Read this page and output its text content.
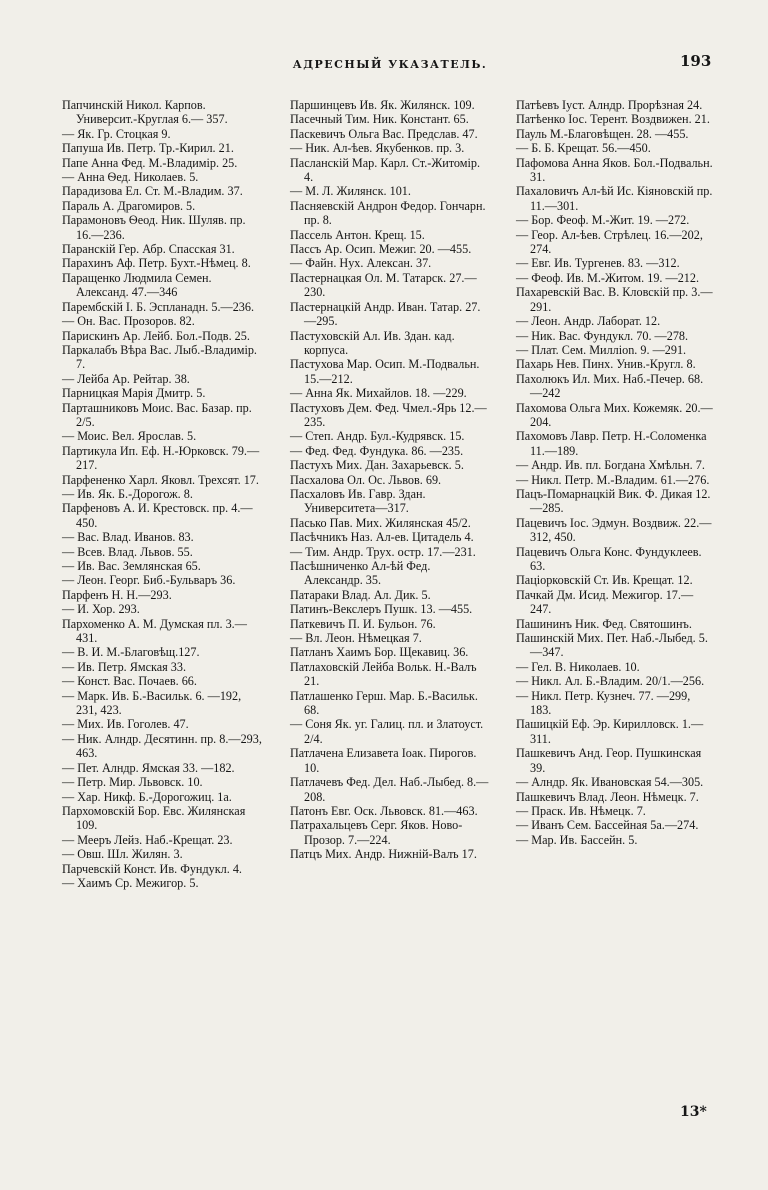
АДРЕСНЫЙ УКАЗАТЕЛЬ.	193

Папчинскій Никол. Карпов. Университ.-Круглая 6.— 357.

— Як. Гр. Стоцкая 9.

Папуша Ив. Петр. Тр.-Кирил. 21.

Папе Анна Фед. М.-Владимір. 25.

— Анна Ѳед. Николаев. 5.

Парадизова Ел. Ст. М.-Владим. 37.

Параль А. Драгомиров. 5.

Парамоновъ Ѳеод. Ник. Шуляв. пр. 16.—236.

Паранскій Гер. Абр. Спасская 31.

Парахинъ Аф. Петр. Бухт.-Нѣмец. 8.

Паращенко Людмила Семен. Александ. 47.—346

Парембскій I. Б. Эспланадн. 5.—236.

— Он. Вас. Прозоров. 82.

Парискинъ Ар. Лейб. Бол.-Подв. 25.

Паркалабъ Вѣра Вас. Лыб.-Владимір. 7.

— Лейба Ар. Рейтар. 38.

Парницкая Марія Дмитр. 5.

Парташниковъ Моис. Вас. Базар. пр. 2/5.

— Моис. Вел. Ярослав. 5.

Партикула Ип. Еф. Н.-Юрковск. 79.—217.

Парфененко Харл. Яковл. Трехсят. 17.

— Ив. Як. Б.-Дорогож. 8.

Парфеновъ А. И. Крестовск. пр. 4.—450.

— Вас. Влад. Иванов. 83.

— Всев. Влад. Львов. 55.

— Ив. Вас. Землянская 65.

— Леон. Георг. Биб.-Бульваръ 36.

Парфенъ Н. Н.—293.

— И. Хор. 293.

Пархоменко А. М. Думская пл. 3.—431.

— В. И. М.-Благовѣщ.127.

— Ив. Петр. Ямская 33.

— Конст. Вас. Почаев. 66.

— Марк. Ив. Б.-Васильк. 6. —192, 231, 423.

— Мих. Ив. Гоголев. 47.

— Ник. Алндр. Десятинн. пр. 8.—293, 463.

— Пет. Алндр. Ямская 33. —182.

— Петр. Мир. Львовск. 10.

— Хар. Никф. Б.-Дорогожиц. 1а.

Пархомовскій Бор. Евс. Жилянская 109.

— Мееръ Лейз. Наб.-Крещат. 23.

— Овш. Шл. Жилян. 3.

Парчевскій Конст. Ив. Фундукл. 4.

— Хаимъ Ср. Межигор. 5.

Паршинцевъ Ив. Як. Жилянск. 109.

Пасечный Тим. Ник. Констант. 65.

Паскевичъ Ольга Вас. Предслав. 47.

— Ник. Ал-ѣев. Якубенков. пр. 3.

Пасланскій Мар. Карл. Ст.-Житомір. 4.

— М. Л. Жилянск. 101.

Пасняевскій Андрон Федор. Гончарн. пр. 8.

Пассель Антон. Крещ. 15.

Пассъ Ар. Осип. Межиг. 20. —455.

— Файн. Нух. Алексан. 37.

Пастернацкая Ол. М. Татарск. 27.—230.

Пастернацкій Андр. Иван. Татар. 27.—295.

Пастуховскій Ал. Ив. Здан. кад. корпуса.

Пастухова Мар. Осип. М.-Подвальн. 15.—212.

— Анна Як. Михайлов. 18. —229.

Пастуховъ Дем. Фед. Чмел.-Ярь 12.—235.

— Степ. Андр. Бул.-Кудрявск. 15.

— Фед. Фед. Фундука. 86. —235.

Пастухъ Мих. Дан. Захарьевск. 5.

Пасхалова Ол. Ос. Львов. 69.

Пасхаловъ Ив. Гавр. Здан. Университета—317.

Пасько Пав. Мих. Жилянская 45/2.

Пасѣчникъ Наз. Ал-ев. Цитадель 4.

— Тим. Андр. Трух. остр. 17.—231.

Пасѣшниченко Ал-ѣй Фед. Александр. 35.

Патараки Влад. Ал. Дик. 5.

Патинъ-Векслеръ Пушк. 13. —455.

Паткевичъ П. И. Бульон. 76.

— Вл. Леон. Нѣмецкая 7.

Патланъ Хаимъ Бор. Щекавиц. 36.

Патлаховскій Лейба Вольк. Н.-Валъ 21.

Патлашенко Герш. Мар. Б.-Васильк. 68.

— Соня Як. уг. Галиц. пл. и Златоуст. 2/4.

Патлачена Елизавета Іоак. Пирогов. 10.

Патлачевъ Фед. Дел. Наб.-Лыбед. 8.—208.

Патонъ Евг. Оск. Львовск. 81.—463.

Патрахальцевъ Серг. Яков. Ново-Прозор. 7.—224.

Патцъ Мих. Андр. Нижній-Валъ 17.

Патѣевъ Іуст. Алндр. Прорѣзная 24.

Патѣенко Іос. Терент. Воздвижен. 21.

Пауль М.-Благовѣщен. 28. —455.

— Б. Б. Крещат. 56.—450.

Пафомова Анна Яков. Бол.-Подвальн. 31.

Пахаловичъ Ал-ѣй Ис. Кіяновскій пр. 11.—301.

— Бор. Феоф. М.-Жит. 19. —272.

— Геор. Ал-ѣев. Стрѣлец. 16.—202, 274.

— Евг. Ив. Тургенев. 83. —312.

— Феоф. Ив. М.-Житом. 19. —212.

Пахаревскій Вас. В. Кловскій пр. 3.—291.

— Леон. Андр. Лаборат. 12.

— Ник. Вас. Фундукл. 70. —278.

— Плат. Сем. Миллion. 9. —291.

Пахарь Нев. Пинх. Унив.-Кругл. 8.

Пахолюкъ Ил. Мих. Наб.-Печер. 68.—242

Пахомова Ольга Мих. Кожемяк. 20.—204.

Пахомовъ Лавр. Петр. Н.-Соломенка 11.—189.

— Андр. Ив. пл. Богдана Хмѣльн. 7.

— Никл. Петр. М.-Владим. 61.—276.

Пацъ-Помарнацкій Вик. Ф. Дикая 12.—285.

Пацевичъ Іос. Эдмун. Воздвиж. 22.—312, 450.

Пацевичъ Ольга Конс. Фундуклеев. 63.

Паціорковскій Ст. Ив. Крещат. 12.

Пачкай Дм. Исид. Межигор. 17.—247.

Пашининъ Ник. Фед. Святошинъ.

Пашинскій Мих. Пет. Наб.-Лыбед. 5.—347.

— Гел. В. Николаев. 10.

— Никл. Ал. Б.-Владим. 20/1.—256.

— Никл. Петр. Кузнеч. 77. —299, 183.

Пашицкій Еф. Эр. Кирилловск. 1.—311.

Пашкевичъ Анд. Геор. Пушкинская 39.

— Алндр. Як. Ивановская 54.—305.

Пашкевичъ Влад. Леон. Нѣмецк. 7.

— Праск. Ив. Нѣмецк. 7.

— Иванъ Сем. Бассейная 5а.—274.

— Мар. Ив. Бассейн. 5.

13*
